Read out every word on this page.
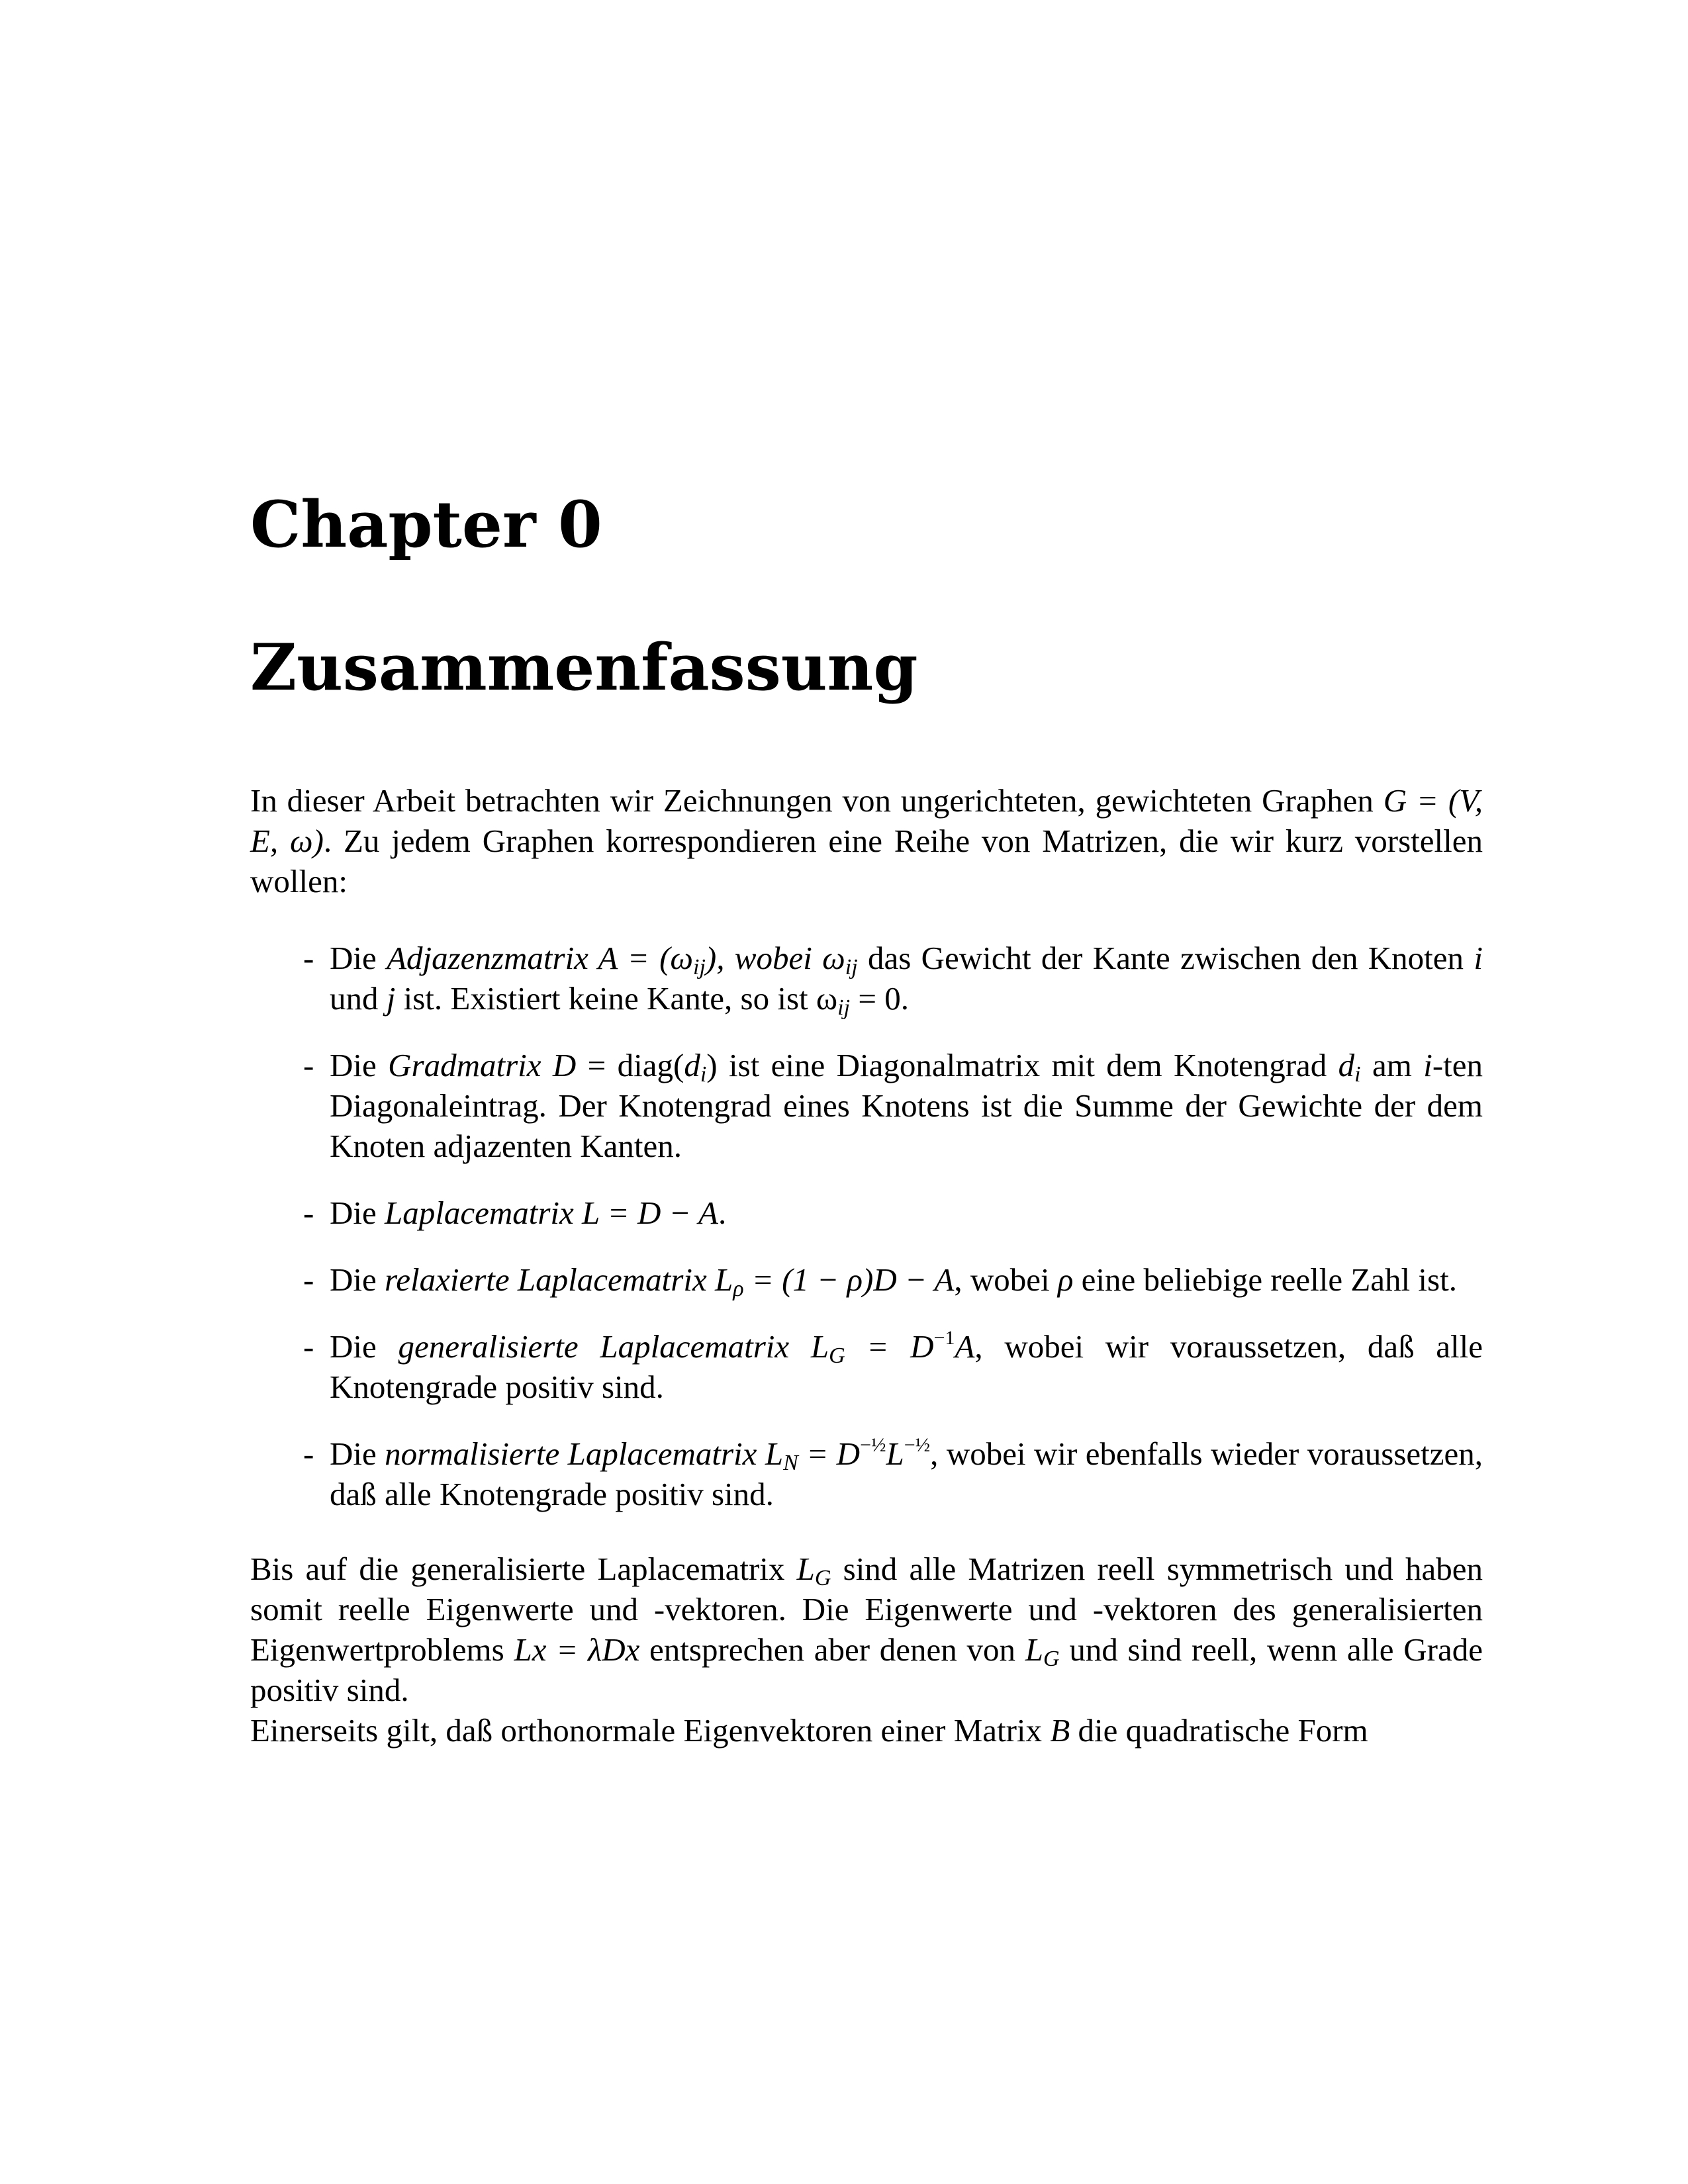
Chapter 0
Zusammenfassung

In dieser Arbeit betrachten wir Zeichnungen von ungerichteten, gewichteten Graphen G = (V, E, ω). Zu jedem Graphen korrespondieren eine Reihe von Matrizen, die wir kurz vorstellen wollen:

- Die Adjazenzmatrix $A = (\omega_{ij})$, wobei $\omega_{ij}$ das Gewicht der Kante zwischen den Knoten i und j ist. Existiert keine Kante, so ist $\omega_{ij} = 0$.
- Die Gradmatrix $D = diag(d_i)$ ist eine Diagonalmatrix mit dem Knotengrad $d_i$ am i-ten Diagonaleintrag. Der Knotengrad eines Knotens ist die Summe der Gewichte der dem Knoten adjazenten Kanten.
- Die Laplacematrix L = D − A.
- Die relaxierte Laplacematrix $L_\rho = (1 - \rho)D - A$, wobei ρ eine beliebige reelle Zahl ist.
- Die generalisierte Laplacematrix $L_G = D^{-1}A$, wobei wir voraussetzen, daß alle Knotengrade positiv sind.
- Die normalisierte Laplacematrix $L_N = D^{-\frac{1}{2}}L^{-\frac{1}{2}}$, wobei wir ebenfalls wieder voraussetzen, daß alle Knotengrade positiv sind.

Bis auf die generalisierte Laplacematrix $L_G$ sind alle Matrizen reell symmetrisch und haben somit reelle Eigenwerte und -vektoren. Die Eigenwerte und -vektoren des generalisierten Eigenwertproblems Lx = λDx entsprechen aber denen von $L_G$ und sind reell, wenn alle Grade positiv sind.
Einerseits gilt, daß orthonormale Eigenvektoren einer Matrix B die quadratische Form
